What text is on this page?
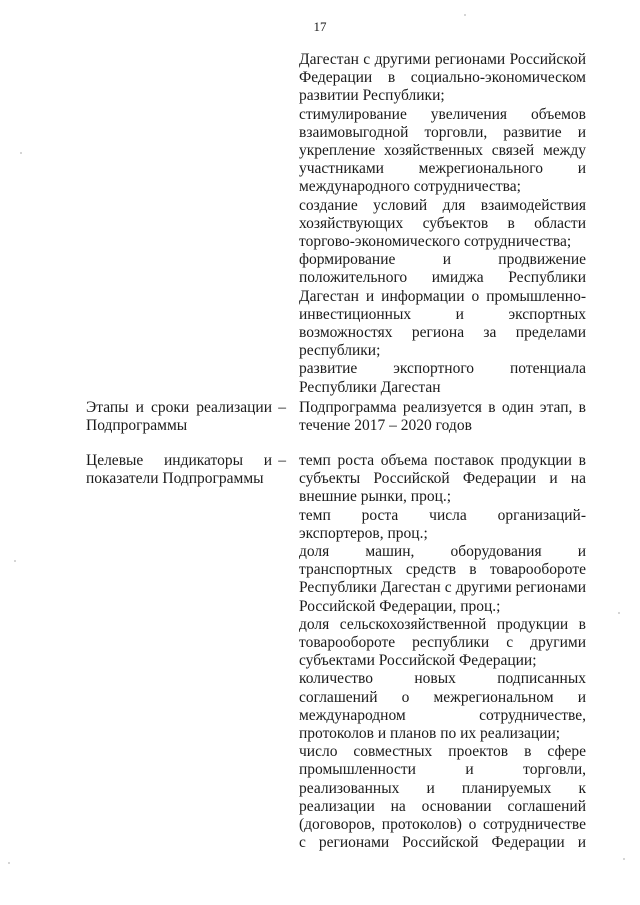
17
Дагестан с другими регионами Российской Федерации в социально-экономическом развитии Республики;
стимулирование увеличения объемов взаимовыгодной торговли, развитие и укрепление хозяйственных связей между участниками межрегионального и международного сотрудничества;
создание условий для взаимодействия хозяйствующих субъектов в области торгово-экономического сотрудничества;
формирование и продвижение положительного имиджа Республики Дагестан и информации о промышленно-инвестиционных и экспортных возможностях региона за пределами республики;
развитие экспортного потенциала Республики Дагестан
Этапы и сроки реализации Подпрограммы
– Подпрограмма реализуется в один этап, в течение 2017 – 2020 годов
Целевые индикаторы и показатели Подпрограммы
– темп роста объема поставок продукции в субъекты Российской Федерации и на внешние рынки, проц.;
темп роста числа организаций-экспортеров, проц.;
доля машин, оборудования и транспортных средств в товарообороте Республики Дагестан с другими регионами Российской Федерации, проц.;
доля сельскохозяйственной продукции в товарообороте республики с другими субъектами Российской Федерации;
количество новых подписанных соглашений о межрегиональном и международном сотрудничестве, протоколов и планов по их реализации;
число совместных проектов в сфере промышленности и торговли, реализованных и планируемых к реализации на основании соглашений (договоров, протоколов) о сотрудничестве с регионами Российской Федерации и
